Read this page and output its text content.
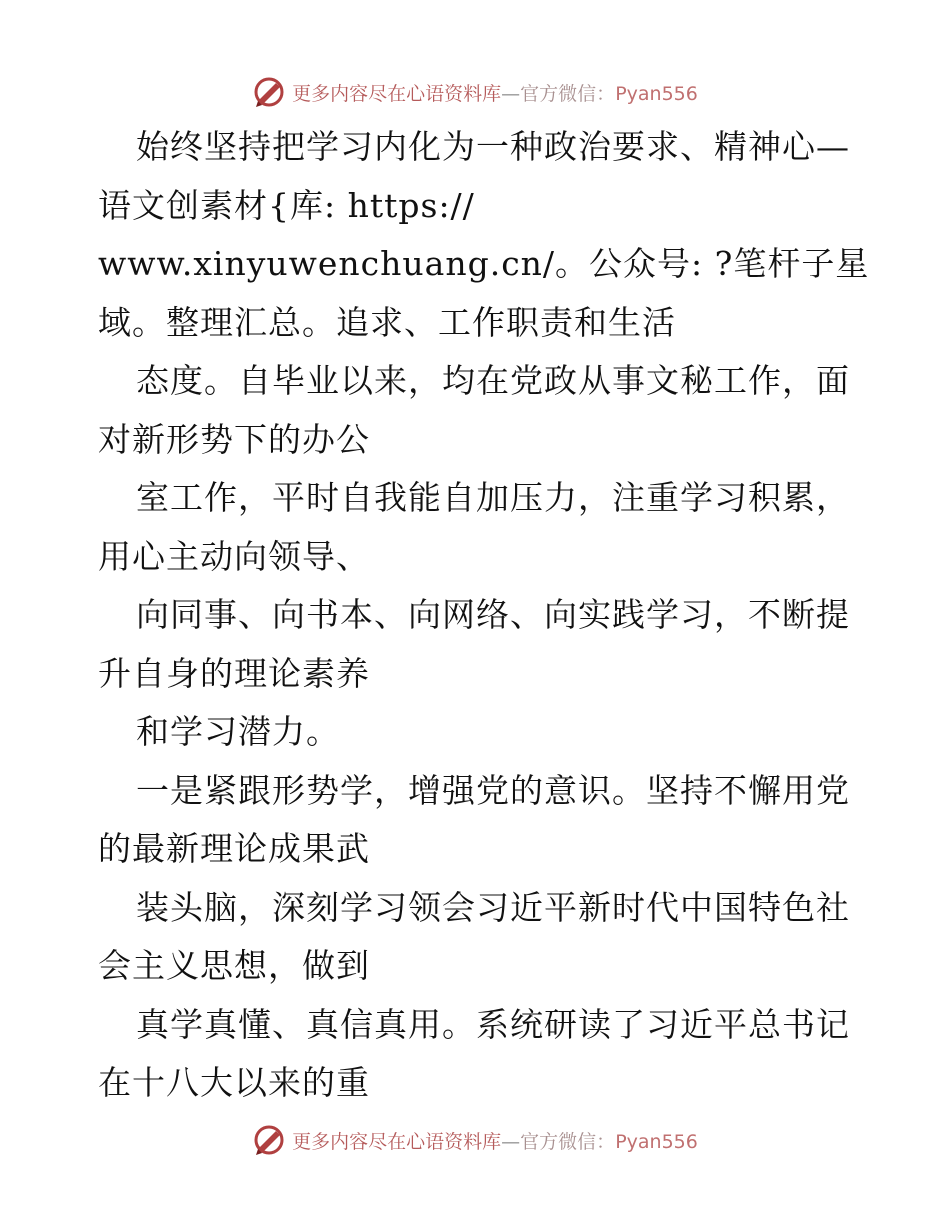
更多内容尽在心语资料库—官方微信：Pyan556
始终坚持把学习内化为一种政治要求、精神心—
语文创素材{库: https://
www.xinyuwenchuang.cn/。公众号: ?笔杆子星
域。整理汇总。追求、工作职责和生活
态度。自毕业以来，均在党政从事文秘工作，面
对新形势下的办公
室工作，平时自我能自加压力，注重学习积累，
用心主动向领导、
向同事、向书本、向网络、向实践学习，不断提
升自身的理论素养
和学习潜力。
一是紧跟形势学，增强党的意识。坚持不懈用党
的最新理论成果武
装头脑，深刻学习领会习近平新时代中国特色社
会主义思想，做到
真学真懂、真信真用。系统研读了习近平总书记
在十八大以来的重
更多内容尽在心语资料库—官方微信：Pyan556
